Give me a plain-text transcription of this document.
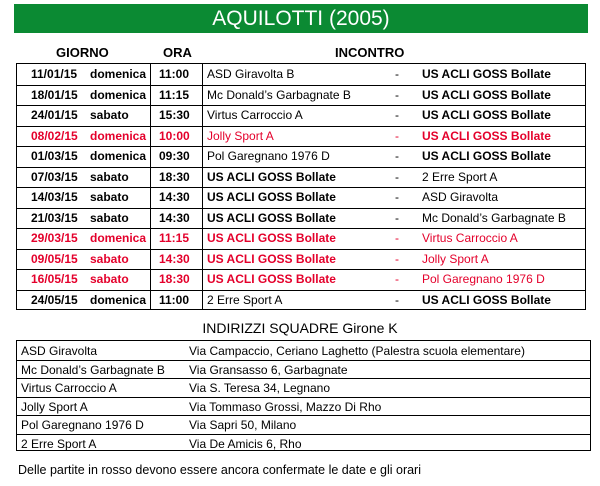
AQUILOTTI (2005)
GIORNO	ORA	INCONTRO
11/01/15 domenica 11:00 ASD Giravolta B	- US ACLI GOSS Bollate
18/01/15 domenica 11:15 Mc Donald’s Garbagnate B	- US ACLI GOSS Bollate
24/01/15 sabato	15:30 Virtus Carroccio A	- US ACLI GOSS Bollate
08/02/15 domenica 10:00 Jolly Sport A	- US ACLI GOSS Bollate
01/03/15 domenica 09:30 Pol Garegnano 1976 D	- US ACLI GOSS Bollate
07/03/15 sabato	18:30 US ACLI GOSS Bollate	- 2 Erre Sport A
14/03/15 sabato	14:30 US ACLI GOSS Bollate	- ASD Giravolta
21/03/15 sabato	14:30 US ACLI GOSS Bollate	- Mc Donald’s Garbagnate B
29/03/15 domenica 11:15 US ACLI GOSS Bollate	- Virtus Carroccio A
09/05/15 sabato	14:30 US ACLI GOSS Bollate	- Jolly Sport A
16/05/15 sabato	18:30 US ACLI GOSS Bollate	- Pol Garegnano 1976 D
24/05/15 domenica 11:00 2 Erre Sport A	- US ACLI GOSS Bollate
INDIRIZZI SQUADRE Girone K
ASD Giravolta	Via Campaccio, Ceriano Laghetto (Palestra scuola elementare)
Mc Donald’s Garbagnate B Via Gransasso 6, Garbagnate
Virtus Carroccio A	Via S. Teresa 34, Legnano
Jolly Sport A	Via Tommaso Grossi, Mazzo Di Rho
Pol Garegnano 1976 D	Via Sapri 50, Milano
2 Erre Sport A	Via De Amicis 6, Rho
Delle partite in rosso devono essere ancora confermate le date e gli orari
